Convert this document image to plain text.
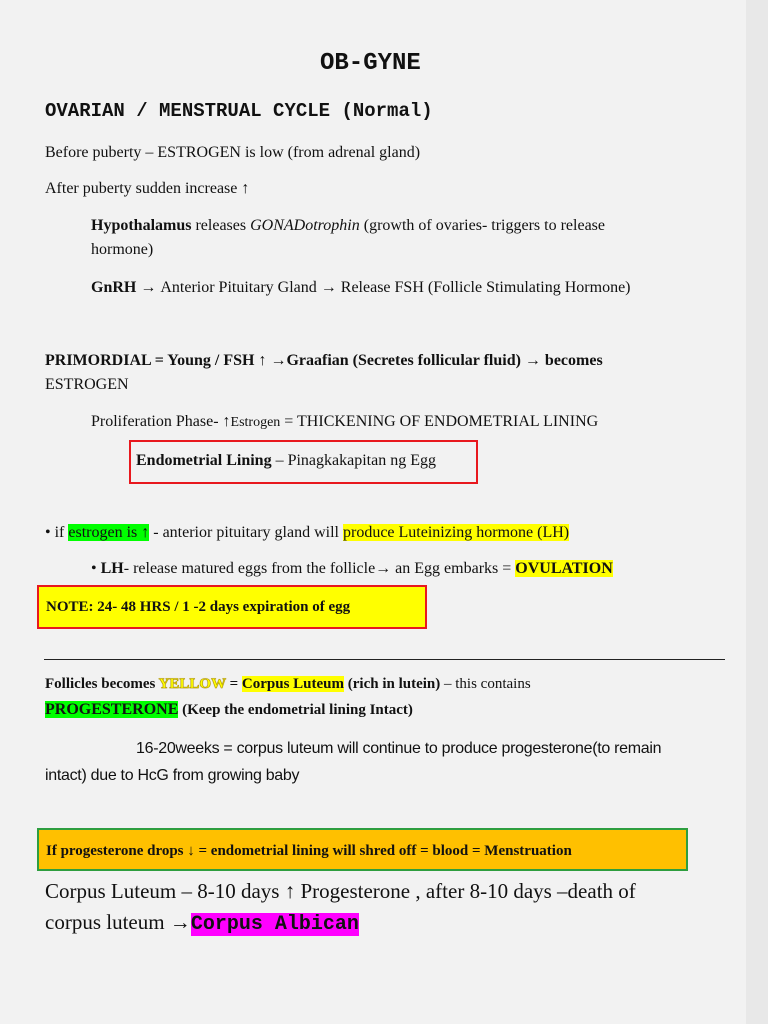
OB-GYNE
OVARIAN / MENSTRUAL CYCLE (Normal)
Before puberty – ESTROGEN is low (from adrenal gland)
After puberty sudden increase ↑
Hypothalamus releases GONADotrophin (growth of ovaries- triggers to release
hormone)
GnRH → Anterior Pituitary Gland → Release FSH (Follicle Stimulating Hormone)
PRIMORDIAL = Young / FSH ↑ →Graafian (Secretes follicular fluid) → becomes
ESTROGEN
Proliferation Phase- ↑Estrogen = THICKENING OF ENDOMETRIAL LINING
Endometrial Lining – Pinagkakapitan ng Egg
• if estrogen is ↑ - anterior pituitary gland will produce Luteinizing hormone (LH)
• LH- release matured eggs from the follicle→ an Egg embarks = OVULATION
NOTE: 24- 48 HRS / 1 -2 days expiration of egg
Follicles becomes YELLOW = Corpus Luteum (rich in lutein) – this contains
PROGESTERONE (Keep the endometrial lining Intact)
16-20weeks = corpus luteum will continue to produce progesterone(to remain
intact) due to HcG from growing baby
If progesterone drops ↓ = endometrial lining will shred off = blood = Menstruation
Corpus Luteum – 8-10 days ↑ Progesterone , after 8-10 days –death of
corpus luteum →Corpus Albican
